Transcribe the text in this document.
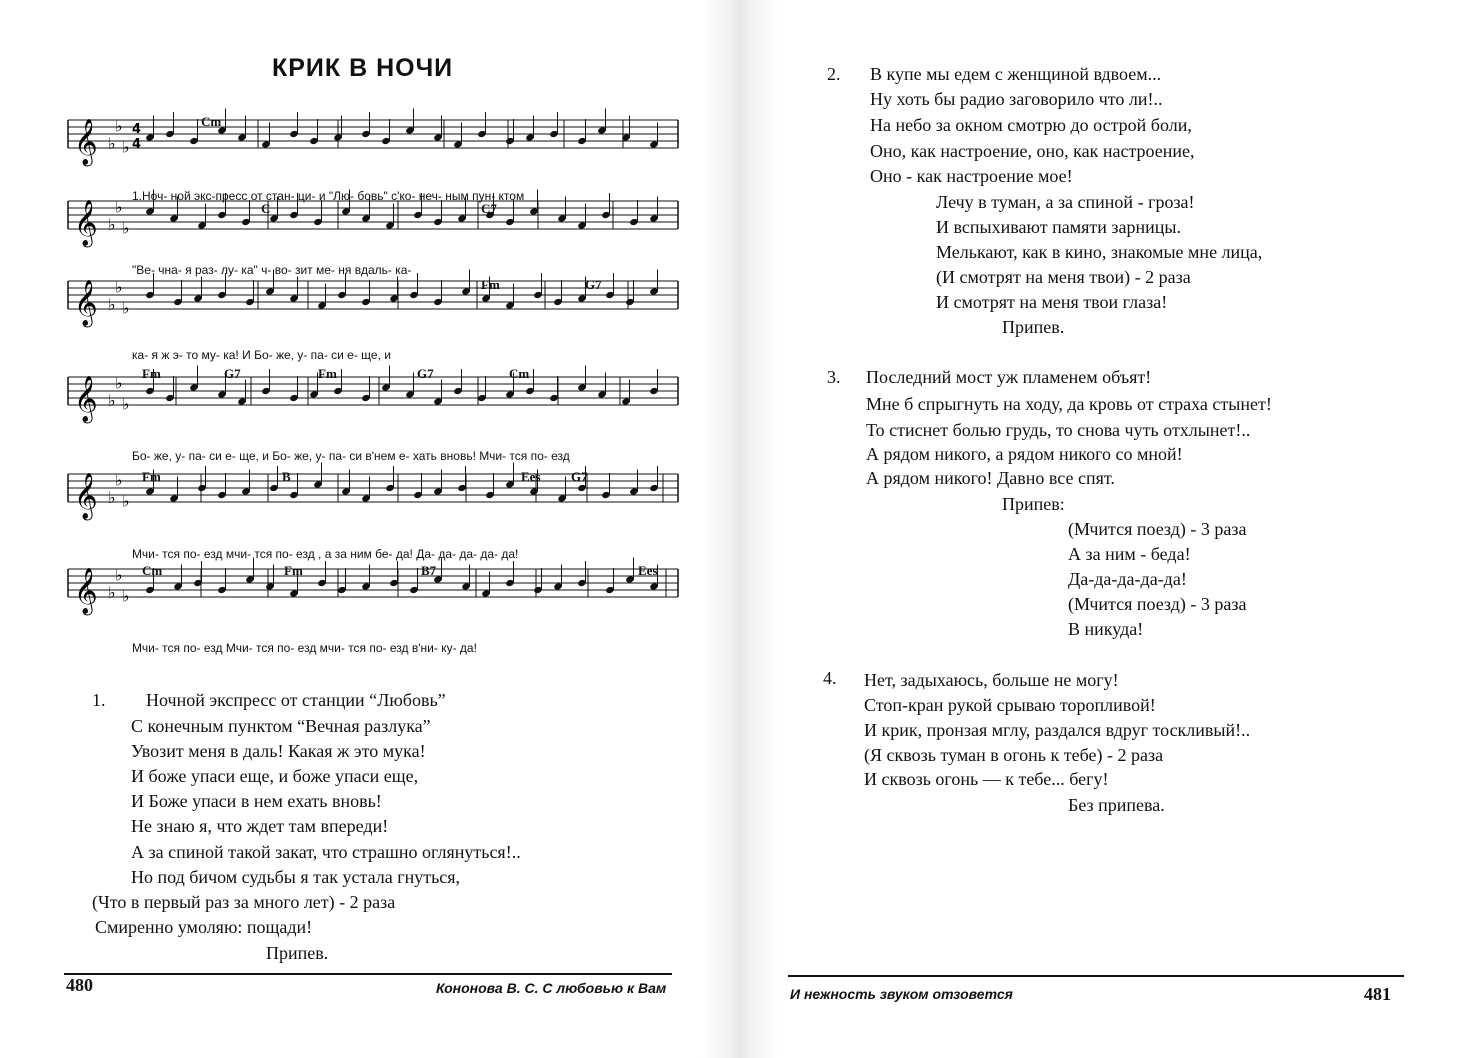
КРИК В НОЧИ
𝄞 ♭
♭
♭
4
4
Cm
1.Ноч- ной экс-пресс от стан- ци- и "Лю- бовь" с'ко- неч- ным пун- ктом
𝄞 ♭
♭
♭
C	C7
"Ве- чна- я раз- лу- ка" ч- во- зит ме- ня вдаль- ка-
𝄞 ♭
♭
♭
Fm	G7
ка- я ж э- то му- ка! И Бо- же, у- па- си е- ще, и
𝄞 ♭
♭
♭
Fm	G7	Fm	G7	Cm
Бо- же, у- па- си е- ще, и Бо- же, у- па- си в'нем е- хать вновь! Мчи- тся по- езд
𝄞 ♭
♭
♭
Fm	B	Ees G7
Мчи- тся по- езд мчи- тся по- езд , а за ним бе- да! Да- да- да- да- да!
𝄞 ♭
♭
♭
Cm	Fm	B7	Ees
Мчи- тся по- езд Мчи- тся по- езд мчи- тся по- езд в'ни- ку- да!
1. Ночной экспресс от станции “Любовь”
С конечным пунктом “Вечная разлука”
Увозит меня в даль! Какая ж это мука!
И боже упаси еще, и боже упаси еще,
И Боже упаси в нем ехать вновь!
Не знаю я, что ждет там впереди!
А за спиной такой закат, что страшно оглянуться!..
Но под бичом судьбы я так устала гнуться,
(Что в первый раз за много лет) - 2 раза
Смиренно умоляю: пощади!
Припев.
480	Кононова В. С. С любовью к Вам
2. В купе мы едем с женщиной вдвоем...
Ну хоть бы радио заговорило что ли!..
На небо за окном смотрю до острой боли,
Оно, как настроение, оно, как настроение,
Оно - как настроение мое!
Лечу в туман, а за спиной - гроза!
И вспыхивают памяти зарницы.
Мелькают, как в кино, знакомые мне лица,
(И смотрят на меня твои) - 2 раза
И смотрят на меня твои глаза!
Припев.
3. Последний мост уж пламенем объят!
Мне б спрыгнуть на ходу, да кровь от страха стынет!
То стиснет болью грудь, то снова чуть отхлынет!..
А рядом никого, а рядом никого со мной!
А рядом никого! Давно все спят.
Припев:
(Мчится поезд) - 3 раза
А за ним - беда!
Да-да-да-да-да!
(Мчится поезд) - 3 раза
В никуда!
4. Нет, задыхаюсь, больше не могу!
Стоп-кран рукой срываю торопливой!
И крик, пронзая мглу, раздался вдруг тоскливый!..
(Я сквозь туман в огонь к тебе) - 2 раза
И сквозь огонь — к тебе... бегу!
Без припева.
И нежность звуком отзовется	481
